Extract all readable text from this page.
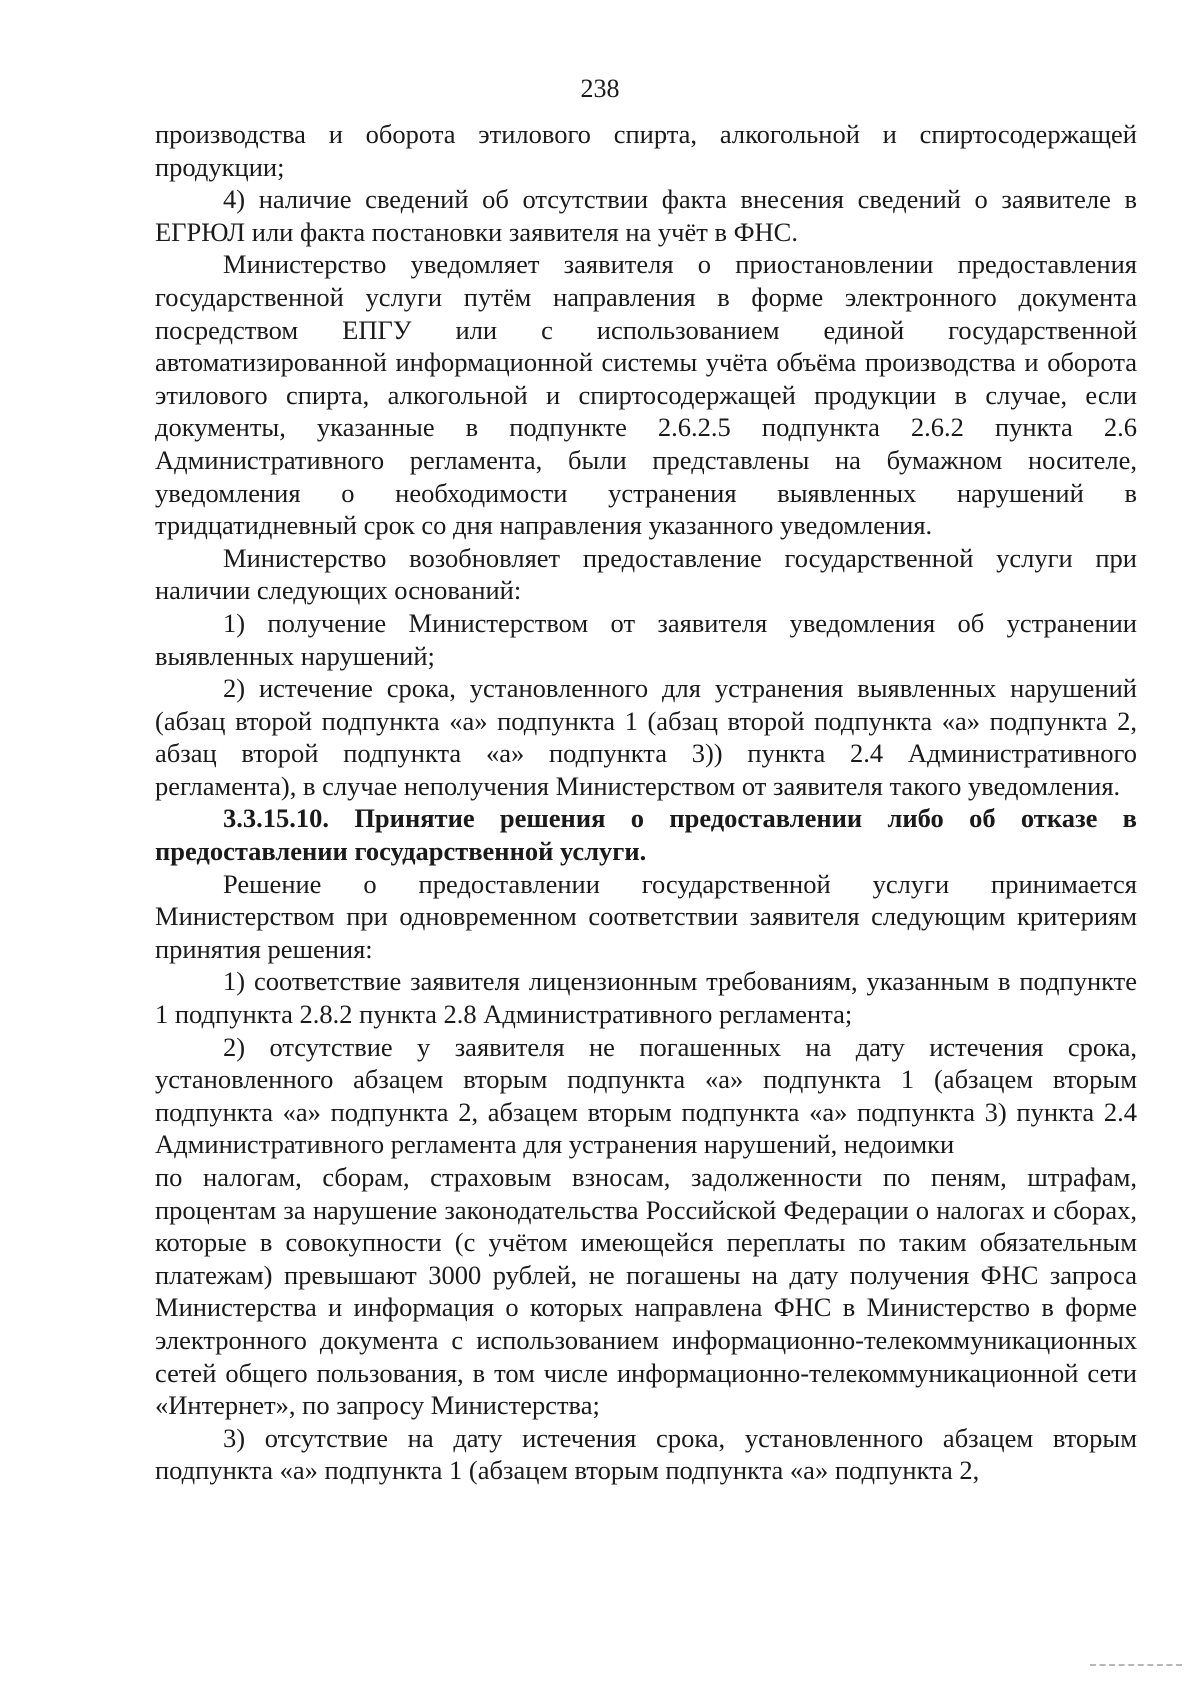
238

производства и оборота этилового спирта, алкогольной и спиртосодержащей продукции;

4) наличие сведений об отсутствии факта внесения сведений о заявителе в ЕГРЮЛ или факта постановки заявителя на учёт в ФНС.

Министерство уведомляет заявителя о приостановлении предоставления государственной услуги путём направления в форме электронного документа посредством ЕПГУ или с использованием единой государственной автоматизированной информационной системы учёта объёма производства и оборота этилового спирта, алкогольной и спиртосодержащей продукции в случае, если документы, указанные в подпункте 2.6.2.5 подпункта 2.6.2 пункта 2.6 Административного регламента, были представлены на бумажном носителе, уведомления о необходимости устранения выявленных нарушений в тридцатидневный срок со дня направления указанного уведомления.

Министерство возобновляет предоставление государственной услуги при наличии следующих оснований:

1) получение Министерством от заявителя уведомления об устранении выявленных нарушений;

2) истечение срока, установленного для устранения выявленных нарушений (абзац второй подпункта «а» подпункта 1 (абзац второй подпункта «а» подпункта 2, абзац второй подпункта «а» подпункта 3)) пункта 2.4 Административного регламента), в случае неполучения Министерством от заявителя такого уведомления.

3.3.15.10. Принятие решения о предоставлении либо об отказе в предоставлении государственной услуги.

Решение о предоставлении государственной услуги принимается Министерством при одновременном соответствии заявителя следующим критериям принятия решения:

1) соответствие заявителя лицензионным требованиям, указанным в подпункте 1 подпункта 2.8.2 пункта 2.8 Административного регламента;

2) отсутствие у заявителя не погашенных на дату истечения срока, установленного абзацем вторым подпункта «а» подпункта 1 (абзацем вторым подпункта «а» подпункта 2, абзацем вторым подпункта «а» подпункта 3) пункта 2.4 Административного регламента для устранения нарушений, недоимки

по налогам, сборам, страховым взносам, задолженности по пеням, штрафам, процентам за нарушение законодательства Российской Федерации о налогах и сборах, которые в совокупности (с учётом имеющейся переплаты по таким обязательным платежам) превышают 3000 рублей, не погашены на дату получения ФНС запроса Министерства и информация о которых направлена ФНС в Министерство в форме электронного документа с использованием информационно-телекоммуникационных сетей общего пользования, в том числе информационно-телекоммуникационной сети «Интернет», по запросу Министерства;

3) отсутствие на дату истечения срока, установленного абзацем вторым подпункта «а» подпункта 1 (абзацем вторым подпункта «а» подпункта 2,
